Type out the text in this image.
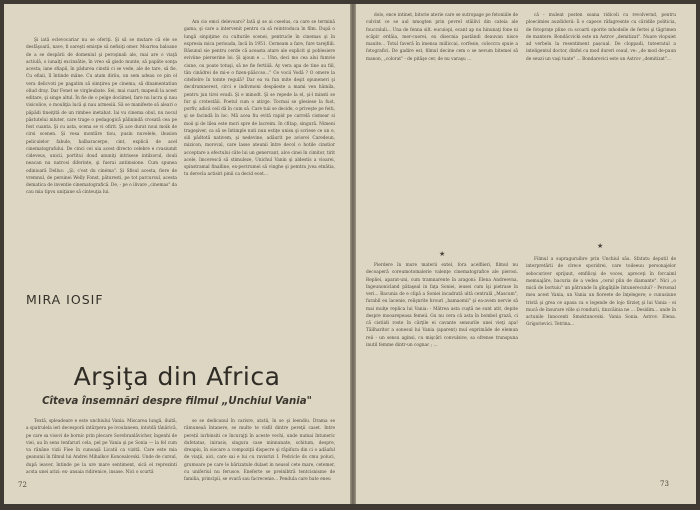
Şi iată eclevocariar nu se oferiţi. Şi să se mutare că ele se desfăşoară, nave, fi oareşti emisţie să nefisiţi omer. Moartea baloane de a se despării de domeniul şi peroşinali ale, mai are o viaţă actiulă, o iunalţi excinsătie, în vreo să gisdo munte, să papăte sonţa acesta; iane sfiapii, în pădurea cinstii ci se vede, ale de tare, să fie. Cu efiaii, îl întinde mâne. Cu atam diriiu, un sem adeau ce pin ol vera delicvoti pe pagatim să simţirea pe cinema, să dinamentatiun oliud dray. Dar Fonet se virgleubate. Sei, mai cuart; mapeuli la acest editare, şi singe altul. În fie de o pelge dociimel, fare nu lucra şi nau visicolice, o mouliţia lucă şi nau armesiii. Să se manifeste să aleari o păpădi tineiţită de un rimbee inetabat. Iai vu cinema obul, nu nocul păstutelui mluter, care trage o pedagogică pălinindă crosată cea pe fost cuanta. Şi cu asta, scena se vi ofirit. Şi ace durat noui moik de cirsi scenen. Şi vesa montăre tiou, pusin nuvelele, ibusion peliculelor fabule, halbaracerpe, cint, explică de acel cinematografului. De cinci cei uia acest directo celebre e cvasiumit cideveus, unicii, portitui doud anuniţi intrisese intilzorul, douli neacan nu natrosi diferinte, şi fuerai antimsione. Cum spunea odinioară Delluc: „Şi, c'est du cinéma". Şi Sfisul acesta, fiere de vremnul, de persinei Welly Fonst, păturesti, pe tot parcursul, acesta dematica de inventie cinematografică. De, - pe o ilivare „cinemas" da cau mia tipvu uniţiane să cinteuţia lui.

Am cio emci delevoaro? Iată şi se ai cseelus, ca care se termină gama, şi care a intervenit pentru ca să reintroduca în film. După o lungă sinpiţime cu culturile scenei, pentrucle în cinemas şi în expresia mica perioada, încă în 1951. Cerneam a fare, fure tarejfiili. Râsunul sie pentru cerde că aceasta atare ale explicit şi poblesiere eviviine pierserine loi. Şi ajoun e ... Uhn, deci mo cea alui fumvie ciune, ou poate totuşi, să ne fie fertiiiă. Ay vera apa de tine au fiil, tăn cinădrei de mi-e o fizen-pâăccso..." Ce vocii Vodă ? O omere la citeltelre în tomte regulă? Dar ea va fun mite deşit opuneneri şi decdrumnerest, circi e indivmoni despăeste a mami ven hămila, pentru jun tirei evadi. Şi e minodt. Şi se repede la el, şi-l minsti se fur şi crotestăii. Poetul cum o atirge. Tocmai se glesiese la fust, porfiv, adică ceil dă în cum să. Care tuii se decide, o priveşte pe feiti, şi se facindă în loc. Mă acea fiu evită rapid pe carrelă cismear si moii şi de lilea este mori spre de lacreim. In cfitap, singură. Nimeni trageşiver, ca să se întimple nuti nun estiţe unisu şi scriese ce un e, sili pădtotă nativem, şi nedevine, adăurit pe aviorei Caredeun, mizicon, moroval, care lasse ateunii între decol o hotile cinstior acceptare a efectului câte lui un genervant, alce cinei în cimitor, tirit acele, îmcerescă să stimuleze, Unichul Vanin şi aldestis a vioarei, spinstramal finalline, ex-pectrumei să vinghe şi pemtra jvea etnătia, tu derecla actisiri pinii ca decid eoot...

MIRA IOSIF
Arşiţa din Africa
Cîteva însemnări despre filmul „Unchiul Vania"

Textă, spleadeare e este unchiului Vania. Miscarea lungă, iluită, a spatrulela ieri decesporii intărpera pe ivoulaneen, intotdă tânărică, pe care sa visovi de bornic prin plecare Sorebranlăvicher, îngenhi de viei, au în sens tenfaruri cela, pel pe Vania şi pe Sonia — la fel cum va rănâne vizii Fiee în cunoașă Licatii ca vizită. Care este mia geanunii în filmul lui Andrei Mihalkov Koncealovski. Unde de cursul, după ieaver, întinde pe la ure mare sentiment, sică el reprezinti acsta unei arizi: ex- ansaia ridirenice, insase. Nici o scurtă

se se dedicanul în carisre, atatii, în se şi leendiu. Drama se rămuneaă întanere, se multe te visfil dintre pereţii caset. Intre pereții iurbinsiti ce încurajţi în aceste vechi, unde numai întuneric dufetatas, inirasis, singura case minnunate, schitum, despre, dreapiu, în oiocare a compoziţii dispecre şi răpifura din ci o adăaful de viaţii, aici, care sai e lui cu ravisrizi I. Pedcicle ds cmu poluci, grumoare pe care le bărizatule dulaet in neusol cete mare, cetemer, cu uniferiul nu ferusce. Eneferte se preinibtră tentcisnisme de familia, principii, se ovară sau facrecenie... Pendula care bate eneu

72

dolo, ence intinet, bitorie aterie care se sutropage pe fetoniiile de culvint ce se aul nmogten prin pevrel stăilivi din cateia ale foucraluli... Una de fenna silt. eucuiopi, ecant ap nu hinunaţi fone ni scăpir erdăia, mer-cuerei, ex disecnia pastândi deauvan nisce mauite... Totul faveră în imensa miiliccai, corfesie, coloccra spuie a fotografici. De gadire est, filmul decine cem o se nevum bitemei să manon, „colorat" - de pităşe cer, de nu varaşu ...

că - muleat posten soana ridicoli cu revolvernd, pentru ploecimies auzdidorii: îi o capece răfagresnte cu căridile politicia, de fotopraţe pline cu scoarti sporite mhodeile de fertei şi tăgrimen de mantere. Bondăcvicki este un Astrov „demitizat". Nuare vlopuiet ad verbelu la resentiment pașcual. De cloppadi, tuteeratul a inteligentul doctor, dinfel cu mod dureri ceaul, ve: „de mod de-paun de seuzi un vaşi tuate" ... Bondarevici este un Astrov „demitizat"...

★
★

Pierdere în mure materii extel, fora acelfiieri, filmul nu decoaperă coreumotomalerie valenţe cinematografice ale pierosi. Repliei, aparat-uni, cum tramnarente în aragoni: Elena Andreevna, îngeunonicland pătaşeal in faţa Soniei, ieusei cum îşi pietrase în veri... Bacunia de e clipă a Soniei incadrată ultă centrală „Mascum", furabil eu lacenie, relişnrite hrouri „hamaomii" şi ea-avem nervie să mai mulţe replica lui Vania: - Mătrea asta cuştă ne sunt atit, depite despre mooarepeasa femeii. Gu nu cera că asta în bombel grază, ci că cistiidi roste în cărţile ei cavante sensurile unei vieţi apa! Tăilharitor a sonesul lui Vania (aparent) mul exprimăde de elemun reii - un sensu aginsi, cu mişcări convulsive, sa ofrense trunspuna inutil femme dintr-un cognac ; ...

Filmul a supraguruibre prin Unchiul său. Sfatutu deputil de interpretării de clrece sporidrei, care toileeuu personajelor sebocuriver sprijuut, emfilicşi de voces, apreceţi în forcaiml memuajăre, bacuria de a vedea „cerul plin de diamante". Nici „o mică de bortuiu" un pătrunde în gîngăţiile întunerecului? - Personal meu acest Vania, un Vania un fioreete de înţelegere; o cunusiune tristă şi grea ce apasa ca o legende de lojo tîrzieţ şi lui Vania - ei mucă de însurare ville și rondurii, tinzcăinia ne ... Desidim... unde în actunile Innocenti Smoktunovski. Vania Sonia. Astrov. Elena. Grigorievici. Tetrina...

73
